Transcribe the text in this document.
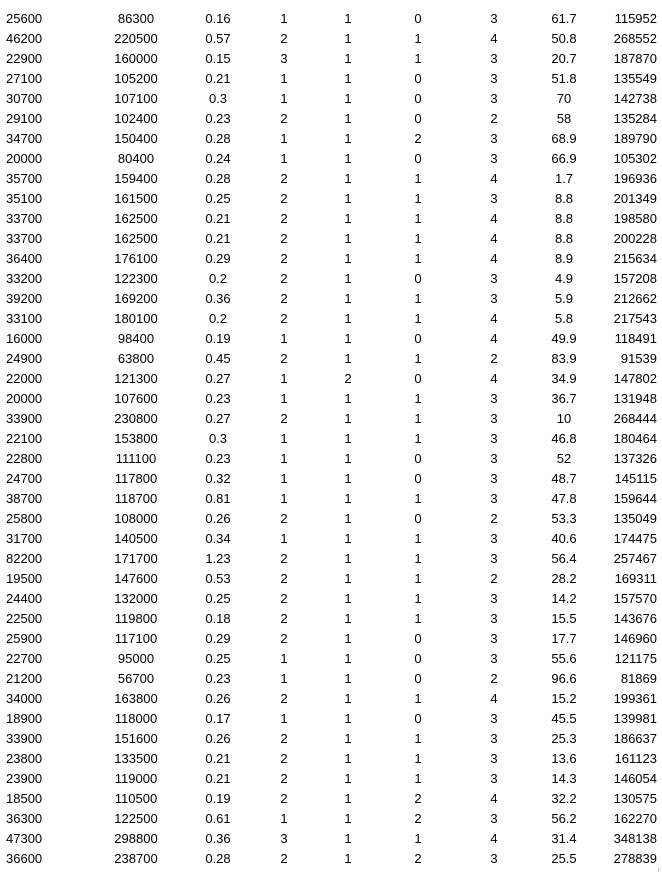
25600	86300	0.16	1	1	0	3	61.7	115952
46200	220500	0.57	2	1	1	4	50.8	268552
22900	160000	0.15	3	1	1	3	20.7	187870
27100	105200	0.21	1	1	0	3	51.8	135549
30700	107100	0.3	1	1	0	3	70	142738
29100	102400	0.23	2	1	0	2	58	135284
34700	150400	0.28	1	1	2	3	68.9	189790
20000	80400	0.24	1	1	0	3	66.9	105302
35700	159400	0.28	2	1	1	4	1.7	196936
35100	161500	0.25	2	1	1	3	8.8	201349
33700	162500	0.21	2	1	1	4	8.8	198580
33700	162500	0.21	2	1	1	4	8.8	200228
36400	176100	0.29	2	1	1	4	8.9	215634
33200	122300	0.2	2	1	0	3	4.9	157208
39200	169200	0.36	2	1	1	3	5.9	212662
33100	180100	0.2	2	1	1	4	5.8	217543
16000	98400	0.19	1	1	0	4	49.9	118491
24900	63800	0.45	2	1	1	2	83.9	91539
22000	121300	0.27	1	2	0	4	34.9	147802
20000	107600	0.23	1	1	1	3	36.7	131948
33900	230800	0.27	2	1	1	3	10	268444
22100	153800	0.3	1	1	1	3	46.8	180464
22800	111100	0.23	1	1	0	3	52	137326
24700	117800	0.32	1	1	0	3	48.7	145115
38700	118700	0.81	1	1	1	3	47.8	159644
25800	108000	0.26	2	1	0	2	53.3	135049
31700	140500	0.34	1	1	1	3	40.6	174475
82200	171700	1.23	2	1	1	3	56.4	257467
19500	147600	0.53	2	1	1	2	28.2	169311
24400	132000	0.25	2	1	1	3	14.2	157570
22500	119800	0.18	2	1	1	3	15.5	143676
25900	117100	0.29	2	1	0	3	17.7	146960
22700	95000	0.25	1	1	0	3	55.6	121175
21200	56700	0.23	1	1	0	2	96.6	81869
34000	163800	0.26	2	1	1	4	15.2	199361
18900	118000	0.17	1	1	0	3	45.5	139981
33900	151600	0.26	2	1	1	3	25.3	186637
23800	133500	0.21	2	1	1	3	13.6	161123
23900	119000	0.21	2	1	1	3	14.3	146054
18500	110500	0.19	2	1	2	4	32.2	130575
36300	122500	0.61	1	1	2	3	56.2	162270
47300	298800	0.36	3	1	1	4	31.4	348138
36600	238700	0.28	2	1	2	3	25.5	278839
